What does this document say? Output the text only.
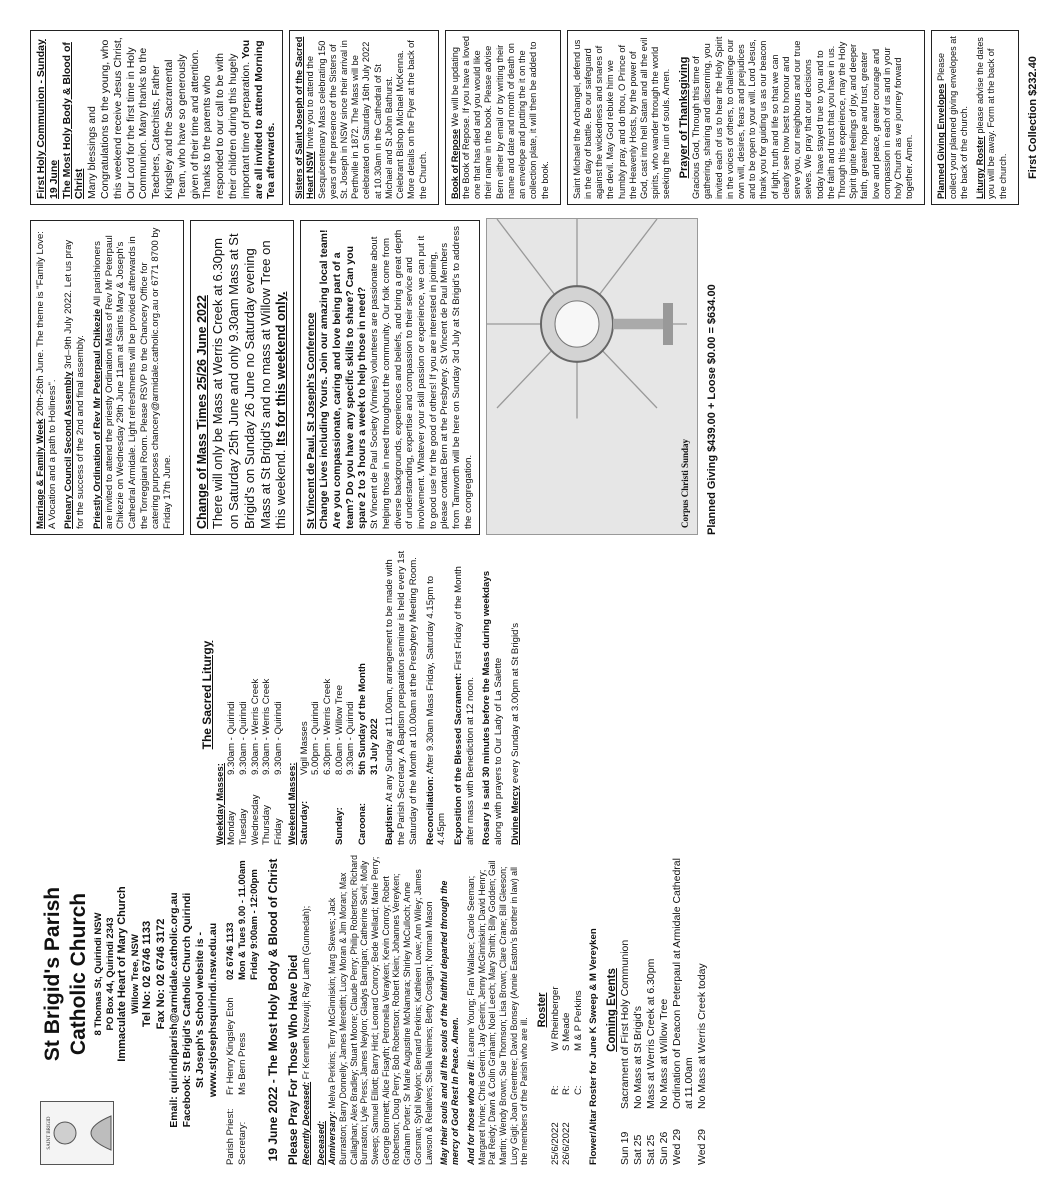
SAINT BRIGID
St Brigid's Parish Catholic Church 8 Thomas St, Quirindi NSW PO Box 44, Quirindi 2343 Immaculate Heart of Mary Church Willow Tree, NSW Tel No: 02 6746 1133 Fax No: 02 6746 3172 Email: quirindiparish@armidale.catholic.org.au Facebook: St Brigid's Catholic Church Quirindi St Joseph's School website is - www.stjosephsquirindi.nsw.edu.au
Parish Priest: Secretary:
Fr Henry Kingsley Etoh Ms Bern Press
02 6746 1133 Mon & Tues 9.00 - 11.00am Friday 9:00am - 12:00pm 19 June 2022 - The Most Holy Body & Blood of Christ Please Pray For Those Who Have Died Recently Deceased: Fr Kenneth Nzewuji; Ray Lamb (Gunnedah);

Deceased:
Anniversary: Melva Perkins; Terry McGinniskin; Marg Skewes; Jack Burraston; Barry Donnelly; James Meredith; Lucy Moran & Jim Moran; Max Callaghan; Alex Bradley; Stuart Moore; Claude Perry; Philip Robertson; Richard Burraston; Lyle Press; James Neylon; Gladys Barnigan; Catherine Sevil; Molly Sweep; Samuel Elliott; Barry Hird; Leonard Conroy; Bede Wellard; Marie Perry; George Bonnett; Alice Fisayth; Petronella Verayken; Kevin Conroy; Robert Robertson; Doug Perry; Bob Robertson; Robert Klein; Johannes Vereyken; Graham Porter; Sr Marie Augustine McNamara; Shirley McCulloch; Anne Gorsman; Sybil Neylon; Bernard Perkins; Kathleen Lowe; Ann Wiley; James Lawson & Relatives; Stella Neimes; Betty Costigan; Norman Mason May their souls and all the souls of the faithful departed through the mercy of God Rest In Peace. Amen. And for those who are ill: Leanne Young; Fran Wallace; Carole Seeman; Margaret Irvine; Chris Geerin; Jay Geerin; Jenny McGinniskin; David Henry; Pat Reidy; Dawn & Colin Graham; Noel Leech; Mary Smith; Billy Godden; Gail Martin; Wendy Brown; Sue Thomson; Lisa Brown; Clare Crane; Bill Gleeson; Lucy Gigli; Joan Greentree; David Bonsey (Annie Easton's Brother in law) all the members of the Parish who are ill.

Roster
25/6/2022
R:
W Rheinberger
26/6/2022
R:
S Meade
C:
M & P Perkins Flower/Altar Roster for June K Sweep & M Vereyken Coming Events
Sun 19
Sacrament of First Holy Communion
Sat 25
No Mass at St Brigid's
Sat 25
Mass at Werris Creek at 6.30pm
Sun 26
No Mass at Willow Tree
Wed 29
Ordination of Deacon Peterpaul at Armidale Cathedral at 11.00am
Wed 29
No Mass at Werris Creek today
The Sacred Liturgy
Weekday Masses: Monday
9.30am - Quirindi
Tuesday
9.30am - Quirindi
Wednesday
9.30am - Werris Creek
Thursday
9.30am - Werris Creek
Friday
9.30am - Quirindi
Weekend Masses: Saturday:
Vigil Masses 5.00pm - Quirindi 6.30pm - Werris Creek
Sunday:
8.00am - Willow Tree 9.30am - Quirindi
Caroona:
5th Sunday of the Month 31 July 2022

Baptism: At any Sunday at 11.00am, arrangement to be made with the Parish Secretary. A Baptism preparation seminar is held every 1st Saturday of the Month at 10.00am at the Presbytery Meeting Room. Reconciliation: After 9.30am Mass Friday, Saturday 4.15pm to 4.45pm Exposition of the Blessed Sacrament: First Friday of the Month after mass with Benediction at 12 noon. Rosary is said 30 minutes before the Mass during weekdays along with prayers to Our Lady of La Salette Divine Mercy every Sunday at 3.00pm at St Brigid's

Marriage & Family Week 20th-26th June. The theme is "Family Love: A Vocation and a path to Holiness". Plenary Council Second Assembly 3rd–9th July 2022. Let us pray for the success of the 2nd and final assembly. Priestly Ordination of Rev Mr Peterpaul Chikezie All parishioners are invited to attend the priestly Ordination Mass of Rev Mr Peterpaul Chikezie on Wednesday 29th June 11am at Saints Mary & Joseph's Cathedral Armidale. Light refreshments will be provided afterwards in the Torreggiani Room. Please RSVP to the Chancery Office for catering purposes chancery@armidale.catholic.org.au or 6771 8700 by Friday 17th June. Change of Mass Times 25/26 June 2022 There will only be Mass at Werris Creek at 6.30pm on Saturday 25th June and only 9.30am Mass at St Brigid's on Sunday 26 June no Saturday evening Mass at St Brigid's and no mass at Willow Tree on this weekend. Its for this weekend only. St Vincent de Paul, St Joseph's Conference Change Lives including Yours. Join our amazing local team! Are you compassionate, caring and love being part of a team? Do you have any specific skills to share? Can you spare 2 to 3 hours a week to help those in need? St Vincent de Paul Society (Vinnies) volunteers are passionate about helping those in need throughout the community. Our folk come from diverse backgrounds, experiences and beliefs, and bring a great depth of understanding, expertise and compassion to their service and involvement. Whatever your skill passion or experience, we can put it to good use for the good of others! If you are interested in joining, please contact Bern at the Presbytery. St Vincent de Paul Members from Tamworth will be here on Sunday 3rd July at St Brigid's to address the congregation.	Corpus Christi Sunday Planned Giving $439.00 + Loose $0.00 = $634.00
First Holy Communion - Sunday 19 June The Most Holy Body & Blood of Christ Many blessings and Congratulations to the young, who this weekend receive Jesus Christ, Our Lord for the first time in Holy Communion. Many thanks to the Teachers, Catechists, Father Kingsley and the Sacramental Team, who have so generously given of their time and attention. Thanks to the parents who responded to our call to be with their children during this hugely important time of preparation. You are all invited to attend Morning Tea afterwards. Sisters of Saint Joseph of the Sacred Heart NSW Invite you to attend the Sesquicentenary Mass celebrating 150 years of the presence of the Sisters of St. Joseph in NSW since their arrival in Perthville in 1872. The Mass will be celebrated on Saturday 16th July 2022 at 10.30am in the Cathedral of St Michael and St John Bathurst. Celebrant Bishop Michael McKenna. More details on the Flyer at the back of the Church. Book of Repose We will be updating the Book of Repose. If you have a loved one that has died and you would like their name in the book. Please advise Bern either by email or by writing their name and date and month of death on an envelope and putting the it on the collection plate, it will then be added to the book. Saint Michael the Archangel, defend us in the day of battle. Be our safeguard against the wickedness and snares of the devil. May God rebuke him we humbly pray, and do thou, O Prince of the Heavenly Hosts, by the power of God, cast into hell Satan and all the evil spirits, who wander through the world seeking the ruin of souls. Amen. Prayer of Thanksgiving Gracious God, Through this time of gathering, sharing and discerning, you invited each of us to hear the Holy Spirit in the voices of others, to challenge our own will, desires, fears and prejudices and to be open to your will. Lord Jesus, thank you for guiding us as our beacon of light, truth and life so that we can clearly see how best to honour and serve you, our neighbours and our true selves. We pray that our decisions today have stayed true to you and to the faith and trust that you have in us. Through this experience, may the Holy Spirit ignite feelings of joy, and deeper faith, greater hope and trust, greater love and peace, greater courage and compassion in each of us and in your holy Church as we journey forward together. Amen. Planned Giving Envelopes Please collect your planned giving envelopes at the back of the church. Liturgy Roster please advise the dates you will be away. Form at the back of the church. First Collection $232.40
